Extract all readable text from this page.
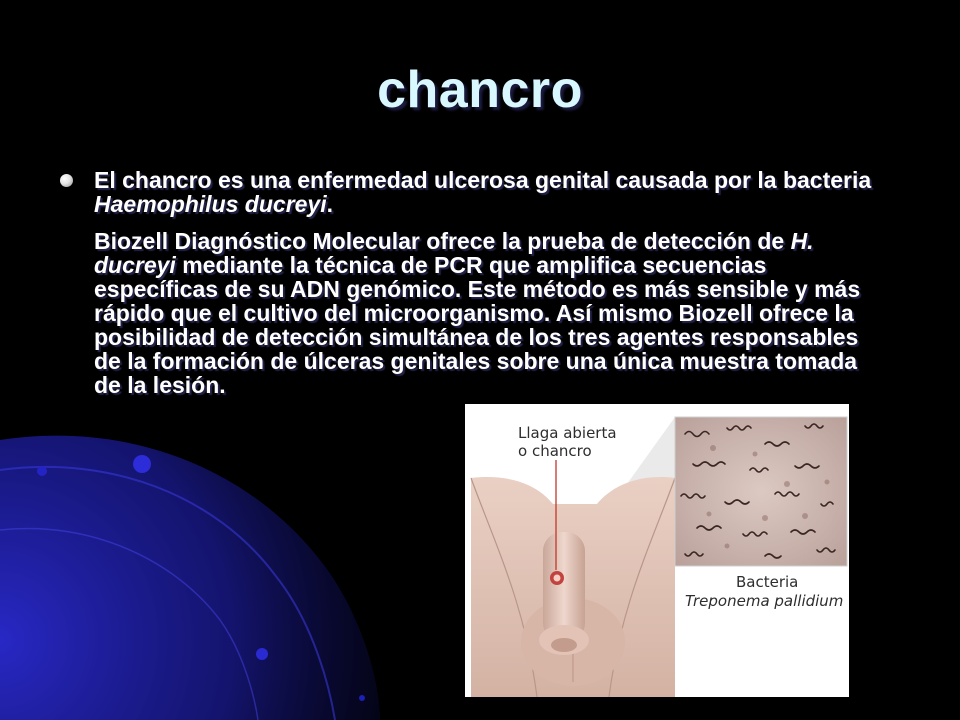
chancro
El chancro es una enfermedad ulcerosa genital causada por la bacteria Haemophilus ducreyi.
Biozell Diagnóstico Molecular ofrece la prueba de detección de H. ducreyi mediante la técnica de PCR que amplifica secuencias específicas de su ADN genómico. Este método es más sensible y más rápido que el cultivo del microorganismo. Así mismo Biozell ofrece la posibilidad de detección simultánea de los tres agentes responsables de la formación de úlceras genitales sobre una única muestra tomada de la lesión.
Llaga abierta
o chancro
Bacteria
Treponema pallidium
